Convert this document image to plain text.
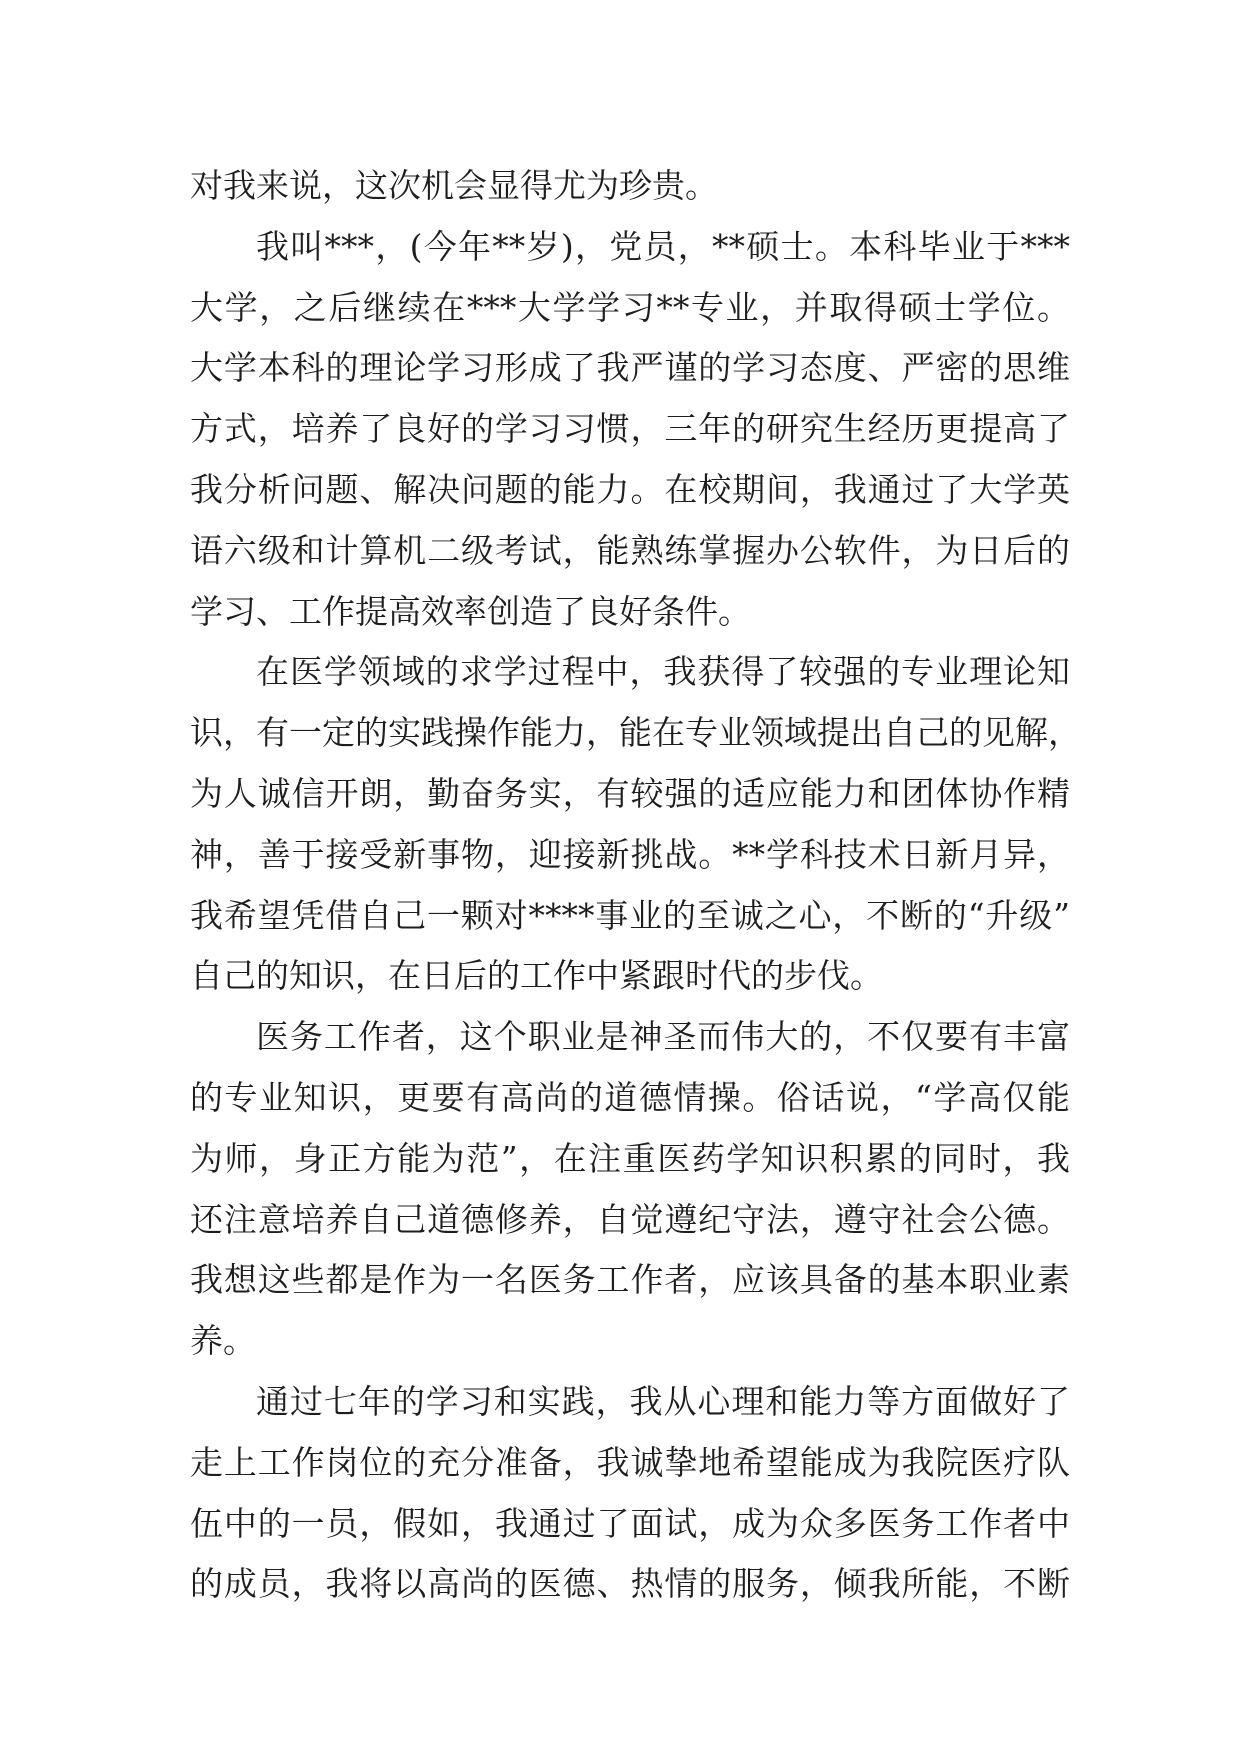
对我来说，这次机会显得尤为珍贵。
我叫***，(今年**岁)，党员，**硕士。本科毕业于***
大学，之后继续在***大学学习**专业，并取得硕士学位。
大学本科的理论学习形成了我严谨的学习态度、严密的思维
方式，培养了良好的学习习惯，三年的研究生经历更提高了
我分析问题、解决问题的能力。在校期间，我通过了大学英
语六级和计算机二级考试，能熟练掌握办公软件，为日后的
学习、工作提高效率创造了良好条件。
在医学领域的求学过程中，我获得了较强的专业理论知
识，有一定的实践操作能力，能在专业领域提出自己的见解，
为人诚信开朗，勤奋务实，有较强的适应能力和团体协作精
神，善于接受新事物，迎接新挑战。**学科技术日新月异，
我希望凭借自己一颗对****事业的至诚之心，不断的“升级”
自己的知识，在日后的工作中紧跟时代的步伐。
医务工作者，这个职业是神圣而伟大的，不仅要有丰富
的专业知识，更要有高尚的道德情操。俗话说，“学高仅能
为师，身正方能为范”，在注重医药学知识积累的同时，我
还注意培养自己道德修养，自觉遵纪守法，遵守社会公德。
我想这些都是作为一名医务工作者，应该具备的基本职业素
养。
通过七年的学习和实践，我从心理和能力等方面做好了
走上工作岗位的充分准备，我诚挚地希望能成为我院医疗队
伍中的一员，假如，我通过了面试，成为众多医务工作者中
的成员，我将以高尚的医德、热情的服务，倾我所能，不断
